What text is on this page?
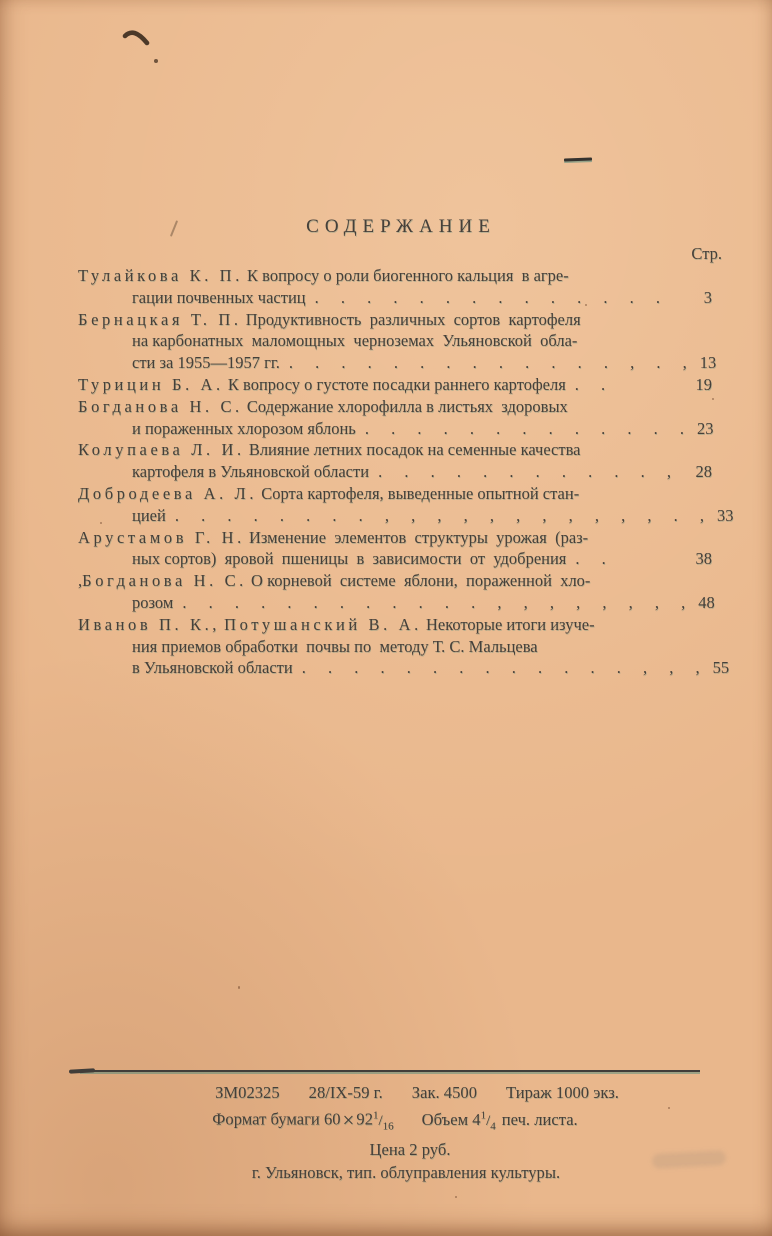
СОДЕРЖАНИЕ
Стр.
Тулайкова К. П. К вопросу о роли биогенного кальция  в агре-
гации почвенных частиц . . . . . . . . . . . . . . 3
Бернацкая Т. П. Продуктивность  различных  сортов  картофеля
на карбонатных  маломощных  черноземах  Ульяновской  обла-
сти за 1955—1957 гг. . . . . . . . . . . . . . , . , 13
Турицин Б. А. К вопросу о густоте посадки раннего картофеля . .	19
Богданова Н. С. Содержание хлорофилла в листьях  здоровых
и пораженных хлорозом яблонь . . . . . . . . . . . . . 23
Колупаева Л. И. Влияние летних посадок на семенные качества
картофеля в Ульяновской области . . . . . . . . . . . , 28
Добродеева А. Л. Сорта картофеля, выведенные опытной стан-
цией . . . . . . . . , , , , , , , , , , , . , 33
Арустамов Г. Н. Изменение  элементов  структуры  урожая  (раз-
ных сортов)  яровой  пшеницы  в  зависимости  от  удобрения . .	38
,Богданова Н. С. О корневой  системе  яблони,  пораженной  хло-
розом . . . . . . . . . . . . , , , , , , , , 48
Иванов П. К., Потушанский В. А. Некоторые итоги изуче-
ния приемов обработки  почвы по  методу Т. С. Мальцева
в Ульяновской области . . . . . . . . . . . . . , , , 55
ЗМ02325       28/IX-59 г.       Зак. 4500       Тираж 1000 экз.
Формат бумаги $60\times 92^1/_{16}$ Объем $4^1/_4$ печ. листа.
Цена 2 руб.
г. Ульяновск, тип. облуправления культуры.
